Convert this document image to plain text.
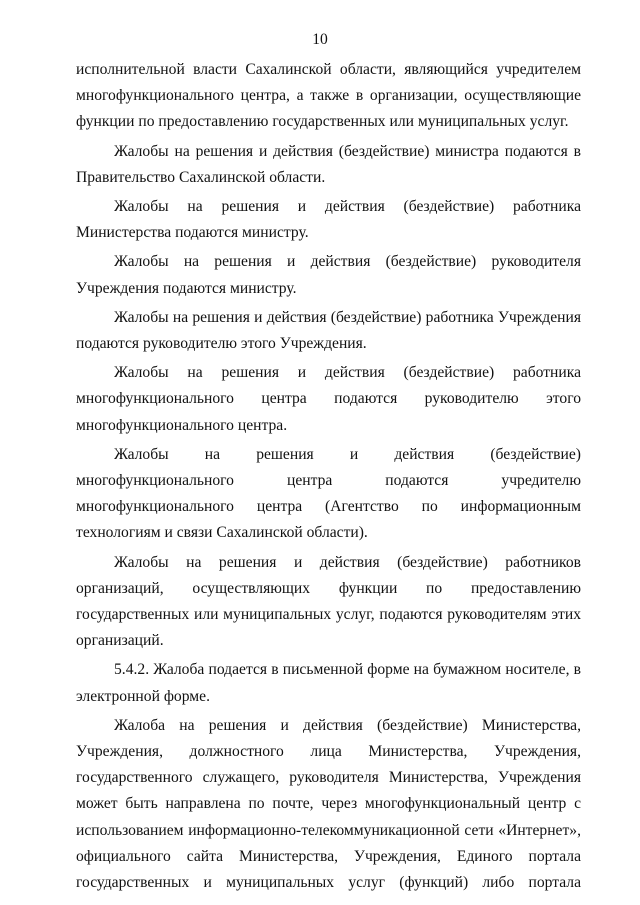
10

исполнительной власти Сахалинской области, являющийся учредителем многофункционального центра, а также в организации, осуществляющие функции по предоставлению государственных или муниципальных услуг.

Жалобы на решения и действия (бездействие) министра подаются в Правительство Сахалинской области.

Жалобы на решения и действия (бездействие) работника Министерства подаются министру.

Жалобы на решения и действия (бездействие) руководителя Учреждения подаются министру.

Жалобы на решения и действия (бездействие) работника Учреждения подаются руководителю этого Учреждения.

Жалобы на решения и действия (бездействие) работника многофункционального центра подаются руководителю этого многофункционального центра.

Жалобы на решения и действия (бездействие) многофункционального центра подаются учредителю многофункционального центра (Агентство по информационным технологиям и связи Сахалинской области).

Жалобы на решения и действия (бездействие) работников организаций, осуществляющих функции по предоставлению государственных или муниципальных услуг, подаются руководителям этих организаций.

5.4.2. Жалоба подается в письменной форме на бумажном носителе, в электронной форме.

Жалоба на решения и действия (бездействие) Министерства, Учреждения, должностного лица Министерства, Учреждения, государственного служащего, руководителя Министерства, Учреждения может быть направлена по почте, через многофункциональный центр с использованием информационно-телекоммуникационной сети «Интернет», официального сайта Министерства, Учреждения, Единого портала государственных и муниципальных услуг (функций) либо портала
